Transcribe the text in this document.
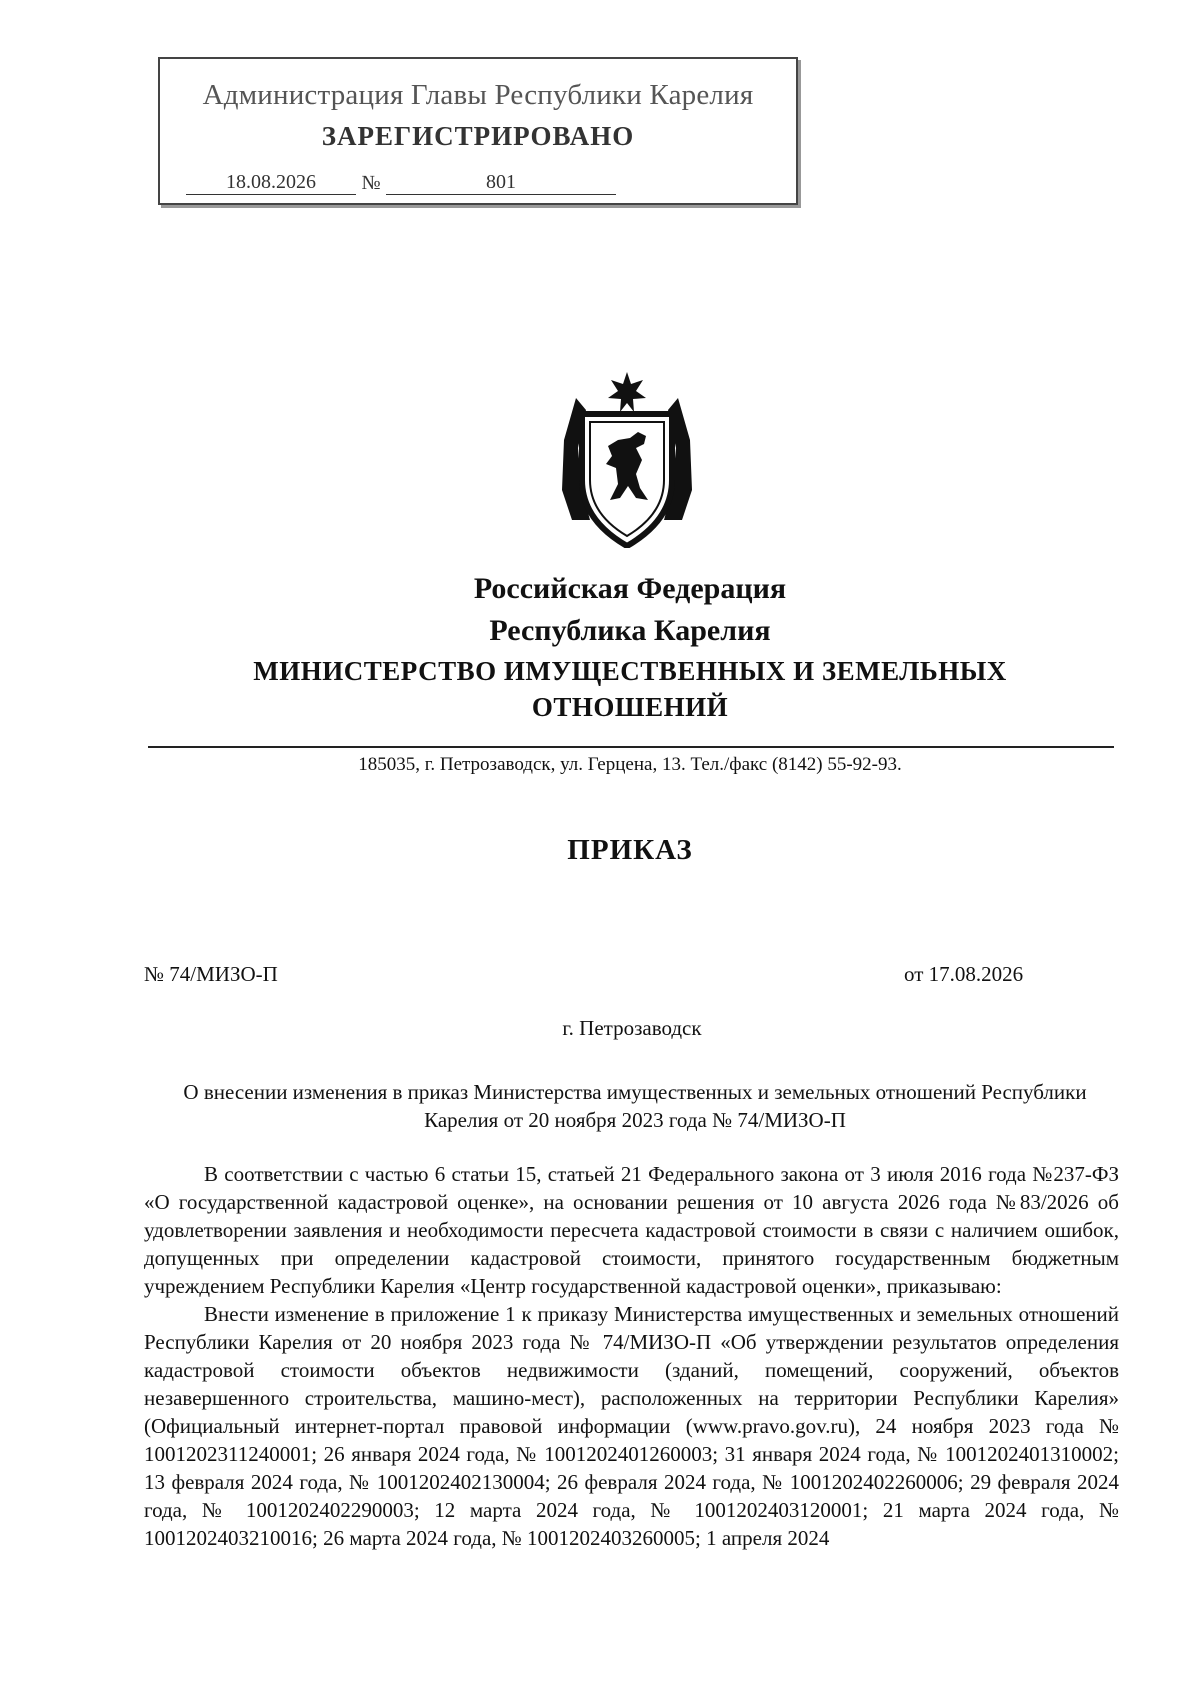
Администрация Главы Республики Карелия
ЗАРЕГИСТРИРОВАНО
18.08.2026	№	801
Российская Федерация
Республика Карелия
МИНИСТЕРСТВО ИМУЩЕСТВЕННЫХ И ЗЕМЕЛЬНЫХ ОТНОШЕНИЙ
185035, г. Петрозаводск, ул. Герцена, 13. Тел./факс (8142) 55-92-93.
ПРИКАЗ
№ 74/МИЗО-П	от 17.08.2026
г. Петрозаводск
О внесении изменения в приказ Министерства имущественных и земельных отношений Республики Карелия от 20 ноября 2023 года № 74/МИЗО-П

В соответствии с частью 6 статьи 15, статьей 21 Федерального закона от 3 июля 2016 года №237-ФЗ «О государственной кадастровой оценке», на основании решения от 10 августа 2026 года №83/2026 об удовлетворении заявления и необходимости пересчета кадастровой стоимости в связи с наличием ошибок, допущенных при определении кадастровой стоимости, принятого государственным бюджетным учреждением Республики Карелия «Центр государственной кадастровой оценки», приказываю:

Внести изменение в приложение 1 к приказу Министерства имущественных и земельных отношений Республики Карелия от 20 ноября 2023 года № 74/МИЗО-П «Об утверждении результатов определения кадастровой стоимости объектов недвижимости (зданий, помещений, сооружений, объектов незавершенного строительства, машино-мест), расположенных на территории Республики Карелия» (Официальный интернет-портал правовой информации (www.pravo.gov.ru), 24 ноября 2023 года № 1001202311240001; 26 января 2024 года, № 1001202401260003; 31 января 2024 года, № 1001202401310002; 13 февраля 2024 года, № 1001202402130004; 26 февраля 2024 года, № 1001202402260006; 29 февраля 2024 года, № 1001202402290003; 12 марта 2024 года, № 1001202403120001; 21 марта 2024 года, № 1001202403210016; 26 марта 2024 года, № 1001202403260005; 1 апреля 2024
